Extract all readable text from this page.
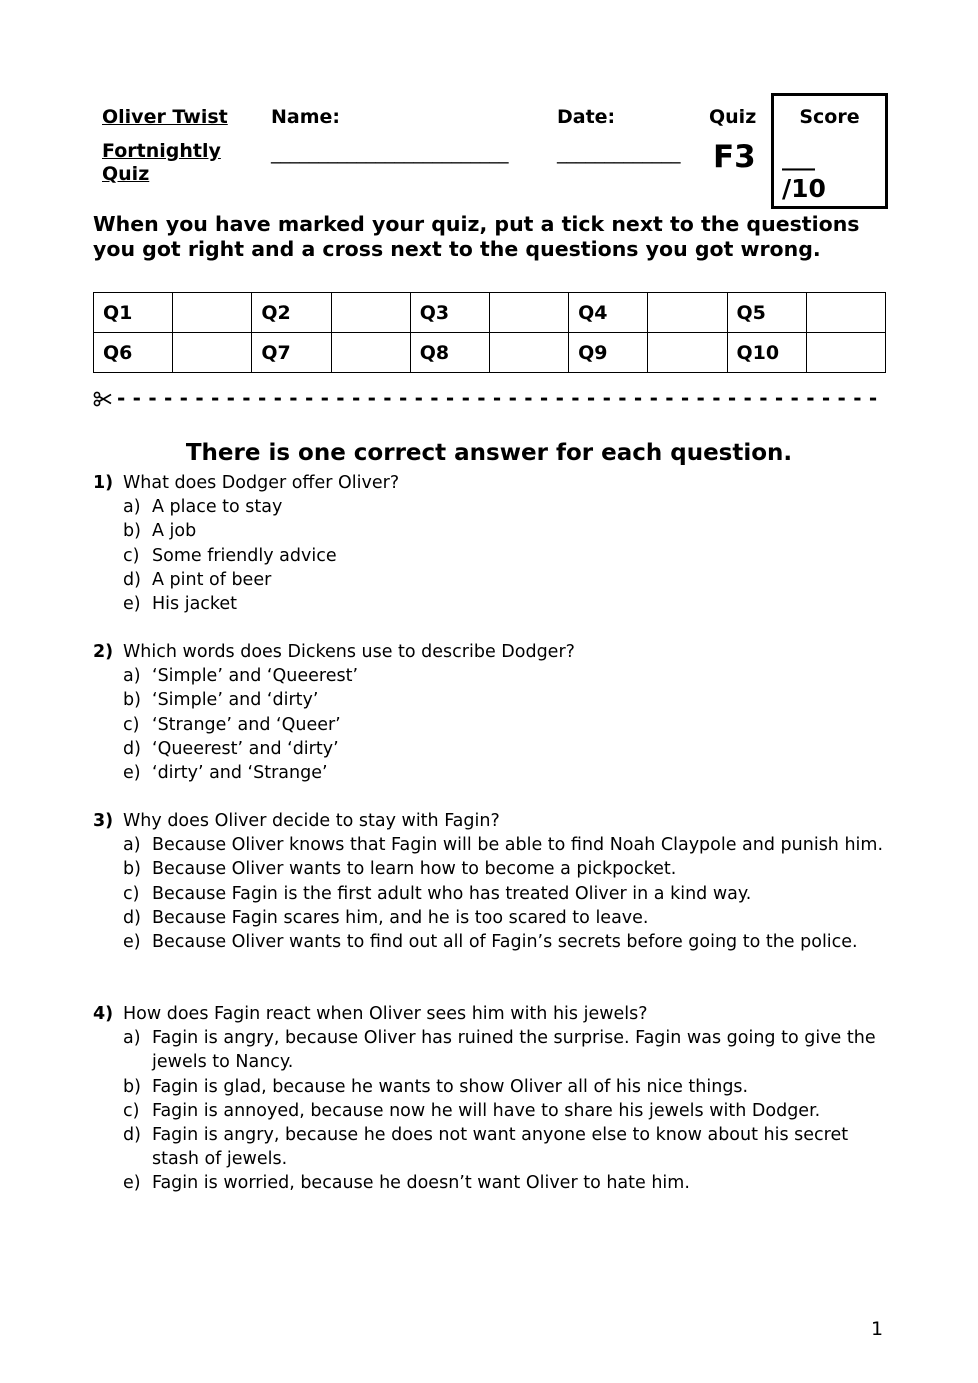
Oliver Twist
Fortnightly Quiz
Name:
_________________________
Date:
_____________
Quiz
F3
Score
___
/10
When you have marked your quiz, put a tick next to the questions you got right and a cross next to the questions you got wrong.
Q1		Q2		Q3		Q4		Q5	
Q6		Q7		Q8		Q9		Q10	
- - - - - - - - - - - - - - - - - - - - - - - - - - - - - - - - - - - - - - - - - - - - - - - - -
There is one correct answer for each question.
1) What does Dodger offer Oliver?
a) A place to stay
b) A job
c) Some friendly advice
d) A pint of beer
e) His jacket
2) Which words does Dickens use to describe Dodger?
a) ‘Simple’ and ‘Queerest’
b) ‘Simple’ and ‘dirty’
c) ‘Strange’ and ‘Queer’
d) ‘Queerest’ and ‘dirty’
e) ‘dirty’ and ‘Strange’
3) Why does Oliver decide to stay with Fagin?
a) Because Oliver knows that Fagin will be able to find Noah Claypole and punish him.
b) Because Oliver wants to learn how to become a pickpocket.
c) Because Fagin is the first adult who has treated Oliver in a kind way.
d) Because Fagin scares him, and he is too scared to leave.
e) Because Oliver wants to find out all of Fagin’s secrets before going to the police.
4) How does Fagin react when Oliver sees him with his jewels?
a) Fagin is angry, because Oliver has ruined the surprise. Fagin was going to give the jewels to Nancy.
b) Fagin is glad, because he wants to show Oliver all of his nice things.
c) Fagin is annoyed, because now he will have to share his jewels with Dodger.
d) Fagin is angry, because he does not want anyone else to know about his secret stash of jewels.
e) Fagin is worried, because he doesn’t want Oliver to hate him.
1
